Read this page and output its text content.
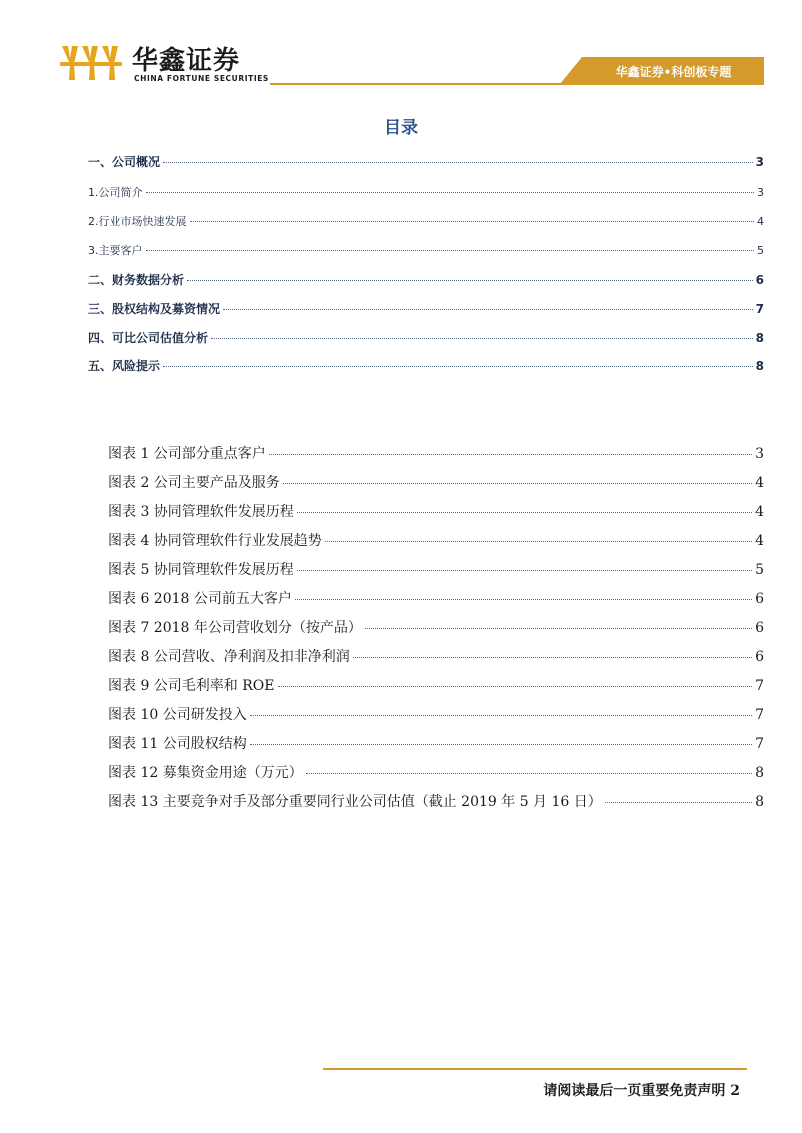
华鑫证券
CHINA FORTUNE SECURITIES	华鑫证券•科创板专题
目录
一、公司概况	3
1.公司简介	3
2.行业市场快速发展	4
3.主要客户	5
二、财务数据分析	6
三、股权结构及募资情况	7
四、可比公司估值分析	8
五、风险提示	8
图表 1 公司部分重点客户	3
图表 2 公司主要产品及服务	4
图表 3 协同管理软件发展历程	4
图表 4 协同管理软件行业发展趋势	4
图表 5 协同管理软件发展历程	5
图表 6 2018 公司前五大客户	6
图表 7 2018 年公司营收划分（按产品）	6
图表 8 公司营收、净利润及扣非净利润	6
图表 9 公司毛利率和 ROE	7
图表 10 公司研发投入	7
图表 11 公司股权结构	7
图表 12 募集资金用途（万元）	8
图表 13 主要竞争对手及部分重要同行业公司估值（截止 2019 年 5 月 16 日）	8
请阅读最后一页重要免责声明 2
